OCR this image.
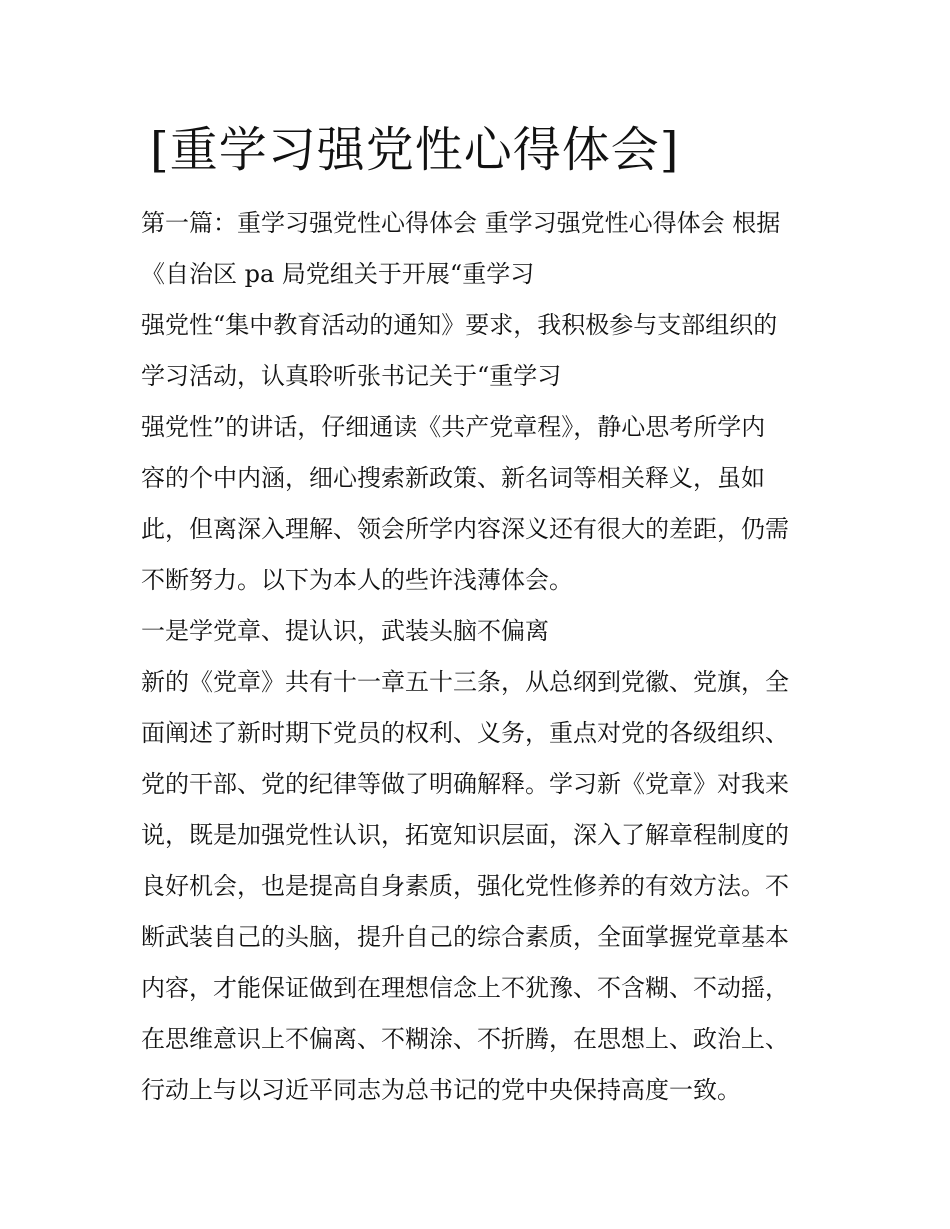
[重学习强党性心得体会]

第一篇：重学习强党性心得体会 重学习强党性心得体会 根据

《自治区 pa 局党组关于开展“重学习

强党性“集中教育活动的通知》要求，我积极参与支部组织的

学习活动，认真聆听张书记关于“重学习

强党性”的讲话，仔细通读《共产党章程》，静心思考所学内

容的个中内涵，细心搜索新政策、新名词等相关释义，虽如

此，但离深入理解、领会所学内容深义还有很大的差距，仍需

不断努力。以下为本人的些许浅薄体会。

一是学党章、提认识，武装头脑不偏离

新的《党章》共有十一章五十三条，从总纲到党徽、党旗，全

面阐述了新时期下党员的权利、义务，重点对党的各级组织、

党的干部、党的纪律等做了明确解释。学习新《党章》对我来

说，既是加强党性认识，拓宽知识层面，深入了解章程制度的

良好机会，也是提高自身素质，强化党性修养的有效方法。不

断武装自己的头脑，提升自己的综合素质，全面掌握党章基本

内容，才能保证做到在理想信念上不犹豫、不含糊、不动摇，

在思维意识上不偏离、不糊涂、不折腾，在思想上、政治上、

行动上与以习近平同志为总书记的党中央保持高度一致。
